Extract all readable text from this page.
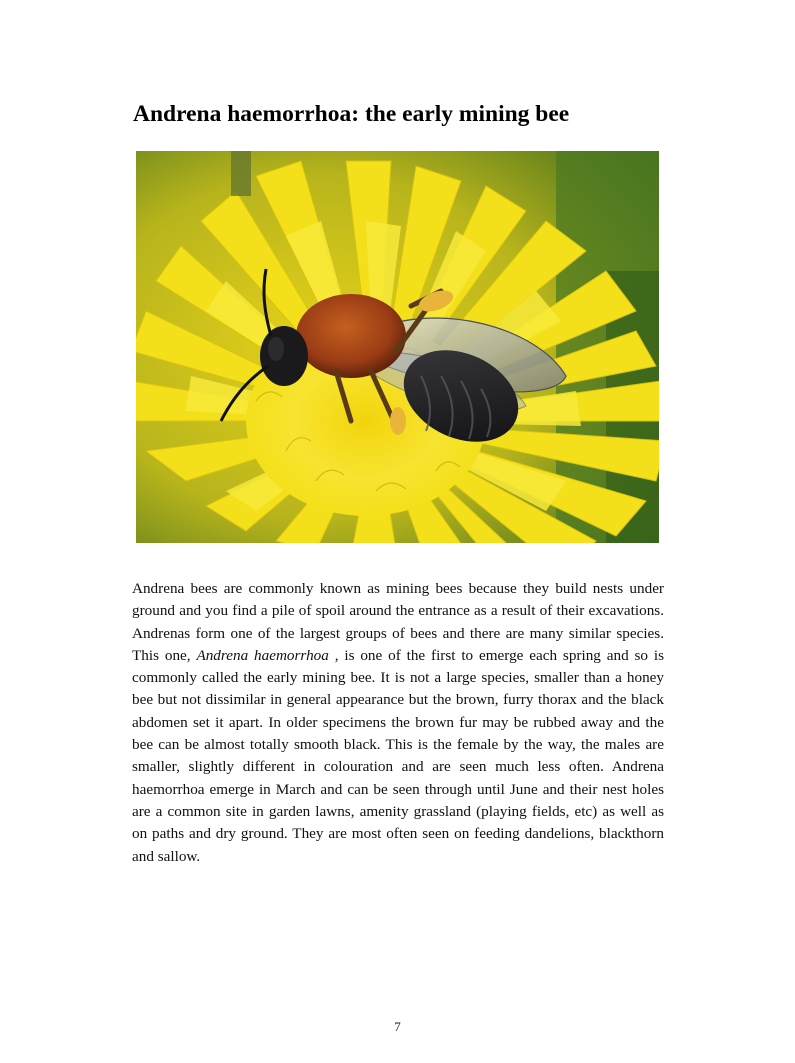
Andrena haemorrhoa: the early mining bee

Andrena bees are commonly known as mining bees because they build nests under ground and you find a pile of spoil around the entrance as a result of their excavations. Andrenas form one of the largest groups of bees and there are many similar species. This one, Andrena haemorrhoa , is one of the first to emerge each spring and so is commonly called the early mining bee. It is not a large species, smaller than a honey bee but not dissimilar in general appearance but the brown, furry thorax and the black abdomen set it apart. In older specimens the brown fur may be rubbed away and the bee can be almost totally smooth black. This is the female by the way, the males are smaller, slightly different in colouration and are seen much less often. Andrena haemorrhoa emerge in March and can be seen through until June and their nest holes are a common site in garden lawns, amenity grassland (playing fields, etc) as well as on paths and dry ground. They are most often seen on feeding dandelions, blackthorn and sallow.

7
